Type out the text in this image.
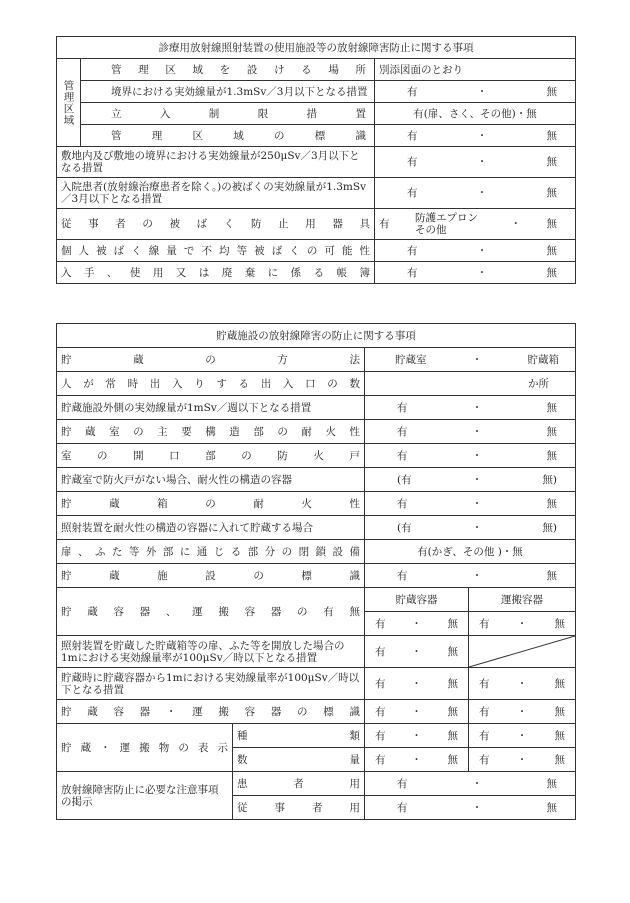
診療用放射線照射装置の使用施設等の放射線障害防止に関する事項		

管理区域	管理区域を設ける場所	別添図面のとおり
	境界における実効線量が1.3mSv／3月以下となる措置	有 ・ 無

	立入制限措置	有(扉、さく、その他)・無
	管理区域の標識	有 ・ 無

敷地内及び敷地の境界における実効線量が250μSv／3月以下となる措置		有 ・ 無

入院患者(放射線治療患者を除く。)の被ばくの実効線量が1.3mSv／3月以下となる措置		有 ・ 無

従事者の被ばく防止用器具		有 防護エプロン その他 ・ 無

個人被ばく線量で不均等被ばくの可能性		有 ・ 無

入手、使用又は廃棄に係る帳簿		有 ・ 無
貯蔵施設の放射線障害の防止に関する事項			
貯蔵の方法		貯蔵室 ・ 貯蔵箱	

人が常時出入りする出入口の数		か所	
貯蔵施設外側の実効線量が1mSv／週以下となる措置		有 ・ 無	

貯蔵室の主要構造部の耐火性		有 ・ 無	

室の開口部の防火戸		有 ・ 無	

貯蔵室で防火戸がない場合、耐火性の構造の容器		(有 ・ 無)	

貯蔵箱の耐火性		有 ・ 無	

照射装置を耐火性の構造の容器に入れて貯蔵する場合		(有 ・ 無)	

扉、ふた等外部に通じる部分の閉鎖設備		有(かぎ、その他 )・無	
貯蔵施設の標識		有 ・ 無	

貯蔵容器、運搬容器の有無		貯蔵容器	運搬容器

		有 ・ 無	有 ・ 無

照射装置を貯蔵した貯蔵箱等の扉、ふた等を開放した場合の1mにおける実効線量率が100μSv／時以下となる措置		有 ・ 無

貯蔵時に貯蔵容器から1mにおける実効線量率が100μSv／時以下となる措置		有 ・ 無	有 ・ 無

貯蔵容器・運搬容器の標識		有 ・ 無	有 ・ 無

貯蔵・運搬物の表示	種類	有 ・ 無	有 ・ 無

	数量	有 ・ 無	有 ・ 無

放射線障害防止に必要な注意事項の掲示	患者用	有 ・ 無	

	従事者用	有 ・ 無	
